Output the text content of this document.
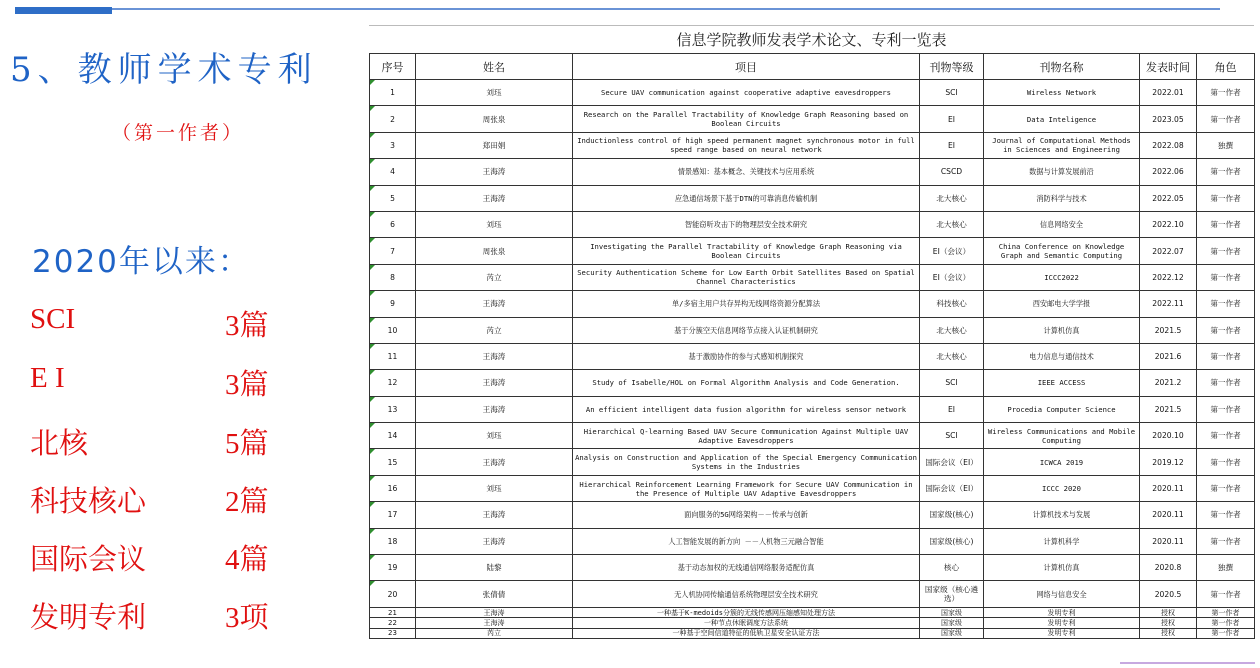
5、教师学术专利
（第一作者）
2020年以来：
SCI	3篇
E I	3篇
北核	5篇
科技核心	2篇
国际会议	4篇
发明专利	3项
信息学院教师发表学术论文、专利一览表
序号	姓名	项目	刊物等级	刊物名称	发表时间	角色
1	刘珏	Secure UAV communication against cooperative adaptive eavesdroppers	SCI	Wireless Network	2022.01	第一作者
2	周张泉	Research on the Parallel Tractability of Knowledge Graph Reasoning based on Boolean Circuits	EI	Data Inteligence	2023.05	第一作者
3	郑田娟	Inductionless control of high speed permanent magnet synchronous motor in full speed range based on neural network	EI	Journal of Computational Methods in Sciences and Engineering	2022.08	独撰
4	王海涛	情景感知：基本概念、关键技术与应用系统	CSCD	数据与计算发展前沿	2022.06	第一作者
5	王海涛	应急通信场景下基于DTN的可靠消息传输机制	北大核心	消防科学与技术	2022.05	第一作者
6	刘珏	智能窃听攻击下的物理层安全技术研究	北大核心	信息网络安全	2022.10	第一作者
7	周张泉	Investigating the Parallel Tractability of Knowledge Graph Reasoning via Boolean Circuits	EI（会议）	China Conference on Knowledge Graph and Semantic Computing	2022.07	第一作者
8	芮立	Security Authentication Scheme for Low Earth Orbit Satellites Based on Spatial Channel Characteristics	EI（会议）	ICCC2022	2022.12	第一作者
9	王海涛	单/多宿主用户共存异构无线网络资源分配算法	科技核心	西安邮电大学学报	2022.11	第一作者
10	芮立	基于分簇空天信息网络节点接入认证机制研究	北大核心	计算机仿真	2021.5	第一作者
11	王海涛	基于激励协作的参与式感知机制探究	北大核心	电力信息与通信技术	2021.6	第一作者
12	王海涛	Study of Isabelle/HOL on Formal Algorithm Analysis and Code Generation.	SCI	IEEE ACCESS	2021.2	第一作者
13	王海涛	An efficient intelligent data fusion algorithm for wireless sensor network	EI	Procedia Computer Science	2021.5	第一作者
14	刘珏	Hierarchical Q-learning Based UAV Secure Communication Against Multiple UAV Adaptive Eavesdroppers	SCI	Wireless Communications and Mobile Computing	2020.10	第一作者
15	王海涛	Analysis on Construction and Application of the Special Emergency Communication Systems in the Industries	国际会议（EI）	ICWCA 2019	2019.12	第一作者
16	刘珏	Hierarchical Reinforcement Learning Framework for Secure UAV Communication in the Presence of Multiple UAV Adaptive Eavesdroppers	国际会议（EI）	ICCC 2020	2020.11	第一作者
17	王海涛	面向服务的5G网络架构－－传承与创新	国家级(核心)	计算机技术与发展	2020.11	第一作者
18	王海涛	人工智能发展的新方向 －－人机物三元融合智能	国家级(核心)	计算机科学	2020.11	第一作者
19	陆黎	基于动态加权的无线通信网络服务适配仿真	核心	计算机仿真	2020.8	独撰
20	张倩倩	无人机协同传输通信系统物理层安全技术研究	国家级（核心遴选）	网络与信息安全	2020.5	第一作者
21	王海涛	一种基于K-medoids分簇的无线传感网压缩感知处理方法	国家级	发明专利	授权	第一作者
22	王海涛	一种节点休眠调度方法系统	国家级	发明专利	授权	第一作者
23	芮立	一种基于空间信道特征的低轨卫星安全认证方法	国家级	发明专利	授权	第一作者
